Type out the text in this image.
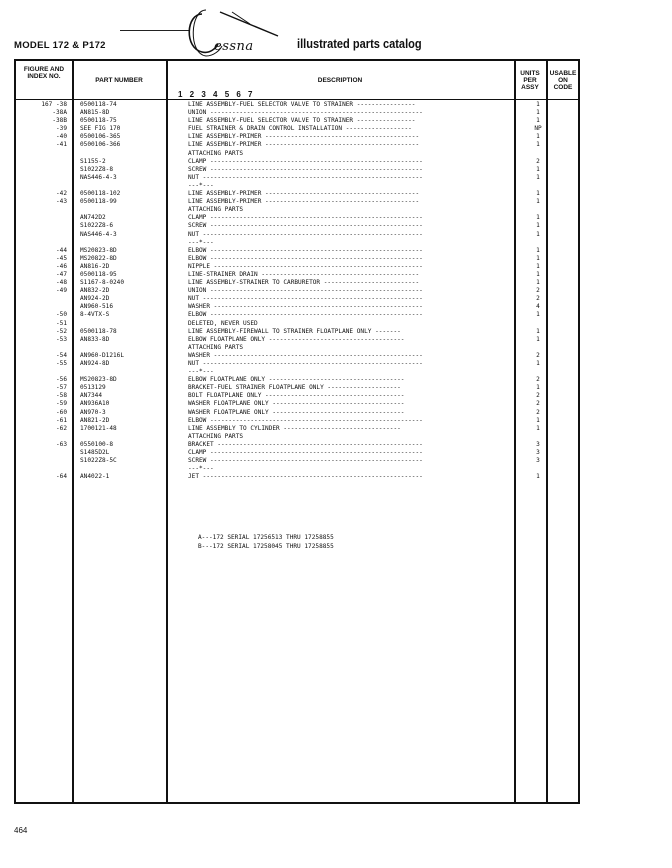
MODEL 172 & P172	essna	illustrated parts catalog
FIGURE AND INDEX NO.
PART NUMBER	DESCRIPTION
1 2 3 4 5 6 7
UNITS PER ASSY
USABLE ON CODE
167 -38 0500118-74	LINE ASSEMBLY-FUEL SELECTOR VALVE TO STRAINER ----------------	1
-38A AN815-8D	UNION ----------------------------------------------------------	1
-38B 0500118-75	LINE ASSEMBLY-FUEL SELECTOR VALVE TO STRAINER ----------------	1
-39 SEE FIG 170	FUEL STRAINER & DRAIN CONTROL INSTALLATION ------------------	NP
-40 0500106-365	LINE ASSEMBLY-PRIMER ------------------------------------------	1
-41 0500106-366	LINE ASSEMBLY-PRIMER ------------------------------------------	1
ATTACHING PARTS
S1155-2	CLAMP ----------------------------------------------------------	2
S1022Z8-8	SCREW ----------------------------------------------------------	1
NAS446-4-3	NUT ------------------------------------------------------------	1
---*---
-42 0500118-102	LINE ASSEMBLY-PRIMER ------------------------------------------	1
-43 0500118-99	LINE ASSEMBLY-PRIMER ------------------------------------------	1
ATTACHING PARTS
AN742D2	CLAMP ----------------------------------------------------------	1
S1022Z8-6	SCREW ----------------------------------------------------------	1
NAS446-4-3	NUT ------------------------------------------------------------	1
---*---
-44 MS20823-8D	ELBOW ----------------------------------------------------------	1
-45 MS20822-8D	ELBOW ----------------------------------------------------------	1
-46 AN816-2D	NIPPLE ---------------------------------------------------------	1
-47 0500118-95	LINE-STRAINER DRAIN -------------------------------------------	1
-48 S1167-8-0240	LINE ASSEMBLY-STRAINER TO CARBURETOR --------------------------	1
-49 AN832-2D	UNION ----------------------------------------------------------	2
AN924-2D	NUT ------------------------------------------------------------	2
AN960-516	WASHER ---------------------------------------------------------	4
-50 8-4VTX-S	ELBOW ----------------------------------------------------------	1
-51	DELETED, NEVER USED
-52 0500118-78	LINE ASSEMBLY-FIREWALL TO STRAINER FLOATPLANE ONLY -------	1
-53 AN833-8D	ELBOW FLOATPLANE ONLY -------------------------------------	1
ATTACHING PARTS
-54 AN960-D1216L	WASHER ---------------------------------------------------------	2
-55 AN924-8D	NUT ------------------------------------------------------------	1
---*---
-56 MS20823-8D	ELBOW FLOATPLANE ONLY -------------------------------------	2
-57 0513129	BRACKET-FUEL STRAINER FLOATPLANE ONLY --------------------	1
-58 AN7344	BOLT FLOATPLANE ONLY --------------------------------------	2
-59 AN936A10	WASHER FLOATPLANE ONLY ------------------------------------	2
-60 AN970-3	WASHER FLOATPLANE ONLY ------------------------------------	2
-61 AN821-2D	ELBOW ----------------------------------------------------------	1
-62 1700121-48	LINE ASSEMBLY TO CYLINDER --------------------------------	1
ATTACHING PARTS
-63 0550100-8	BRACKET --------------------------------------------------------	3
S1485D2L	CLAMP ----------------------------------------------------------	3
S1022Z8-5C	SCREW ----------------------------------------------------------	3
---*---
-64 AN4022-1	JET ------------------------------------------------------------	1
A---172 SERIAL 17256513 THRU 17258855
B---172 SERIAL 17258045 THRU 17258855
464
